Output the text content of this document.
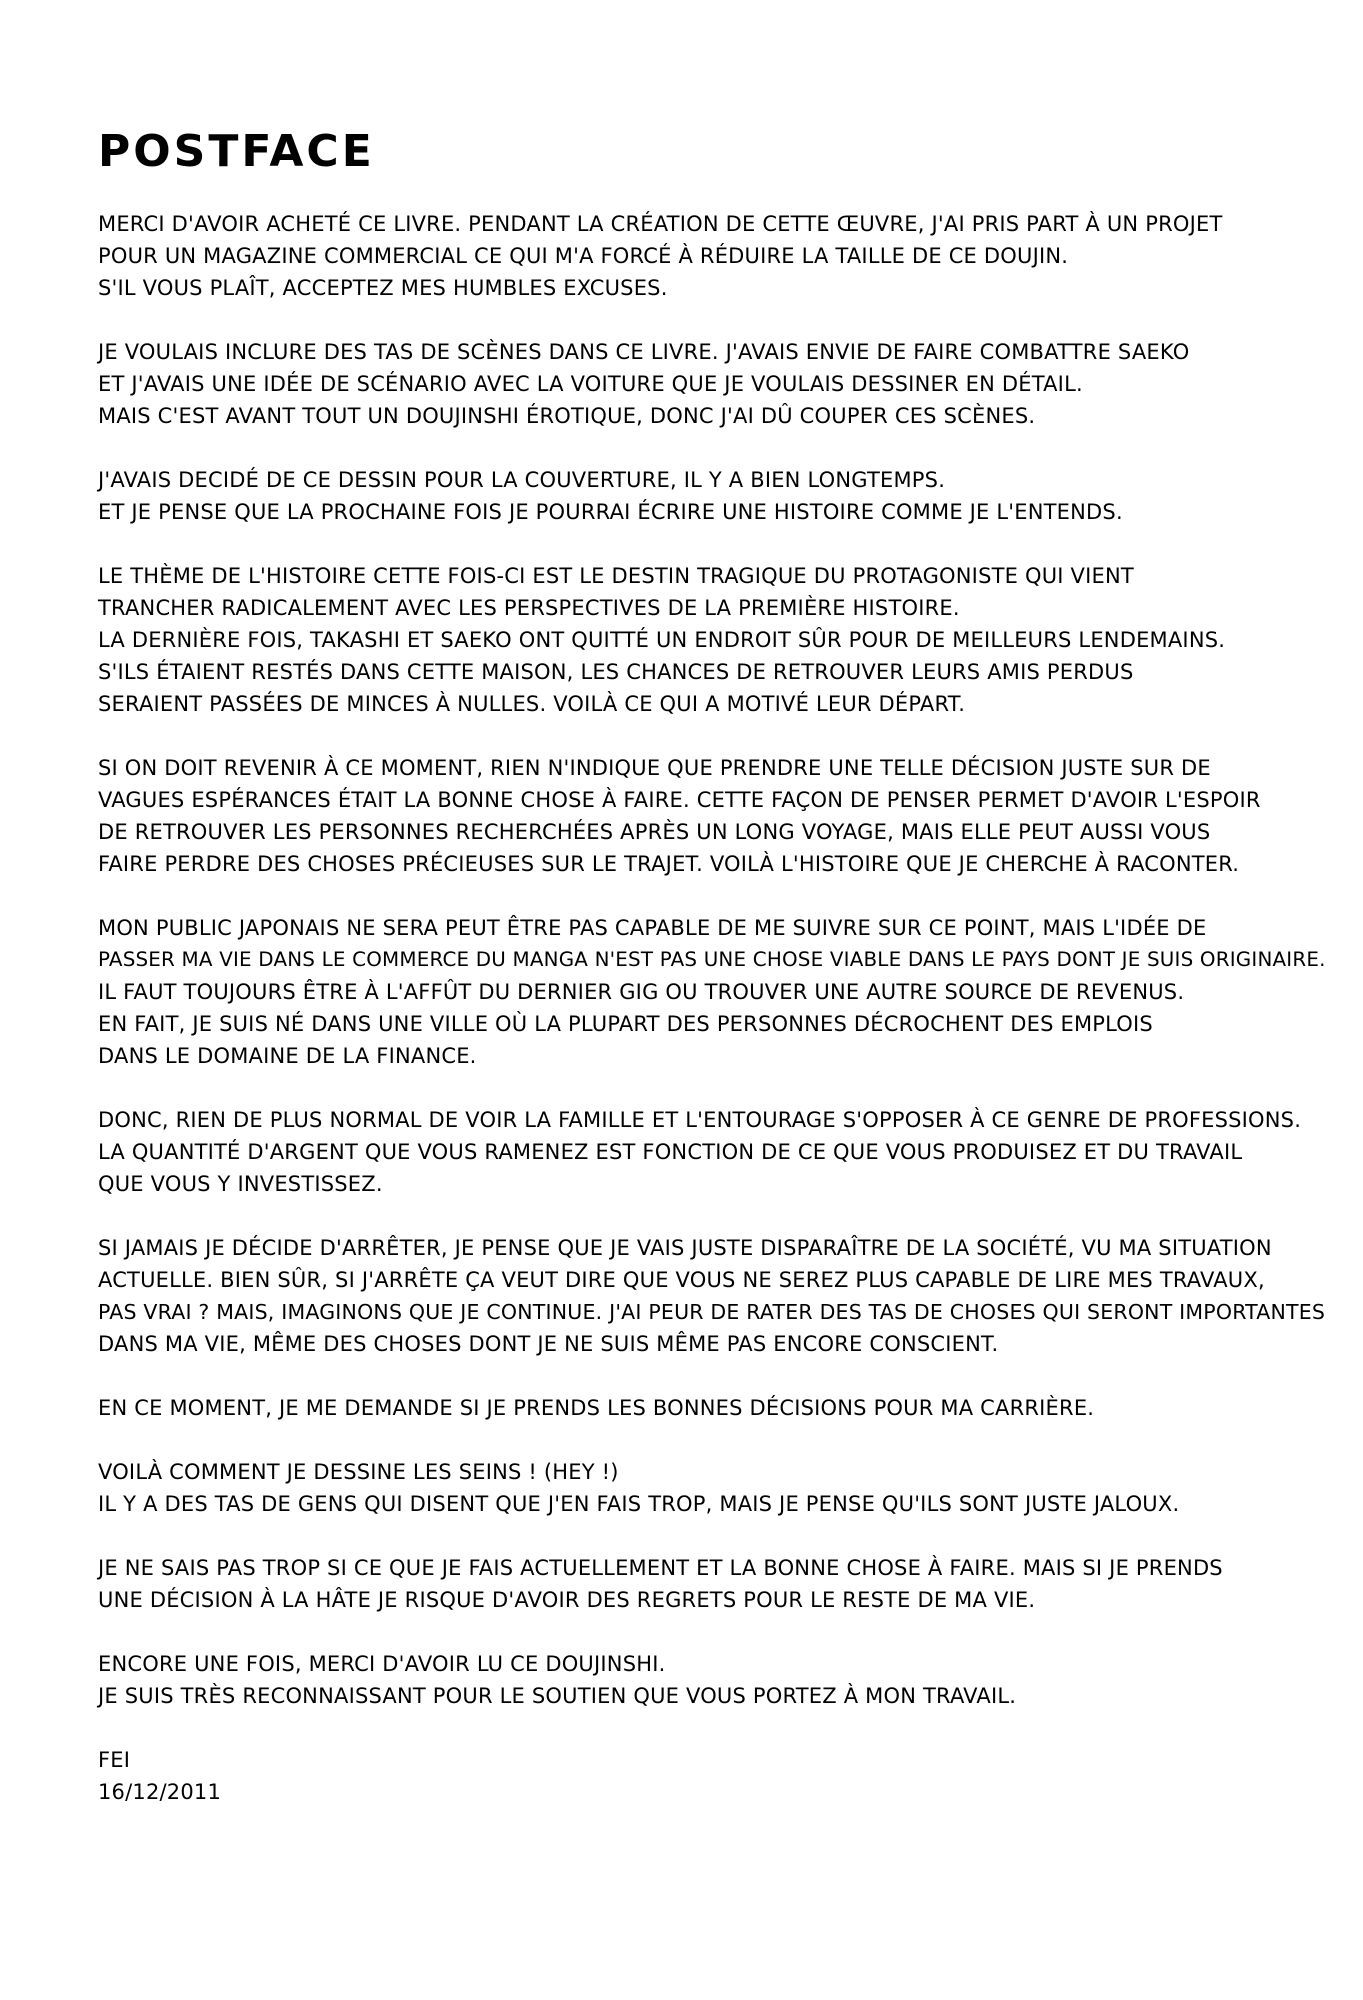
POSTFACE
MERCI D'AVOIR ACHETÉ CE LIVRE. PENDANT LA CRÉATION DE CETTE ŒUVRE, J'AI PRIS PART À UN PROJET
POUR UN MAGAZINE COMMERCIAL CE QUI M'A FORCÉ À RÉDUIRE LA TAILLE DE CE DOUJIN.
S'IL VOUS PLAÎT, ACCEPTEZ MES HUMBLES EXCUSES.
JE VOULAIS INCLURE DES TAS DE SCÈNES DANS CE LIVRE. J'AVAIS ENVIE DE FAIRE COMBATTRE SAEKO
ET J'AVAIS UNE IDÉE DE SCÉNARIO AVEC LA VOITURE QUE JE VOULAIS DESSINER EN DÉTAIL.
MAIS C'EST AVANT TOUT UN DOUJINSHI ÉROTIQUE, DONC J'AI DÛ COUPER CES SCÈNES.
J'AVAIS DECIDÉ DE CE DESSIN POUR LA COUVERTURE, IL Y A BIEN LONGTEMPS.
ET JE PENSE QUE LA PROCHAINE FOIS JE POURRAI ÉCRIRE UNE HISTOIRE COMME JE L'ENTENDS.
LE THÈME DE L'HISTOIRE CETTE FOIS-CI EST LE DESTIN TRAGIQUE DU PROTAGONISTE QUI VIENT
TRANCHER RADICALEMENT AVEC LES PERSPECTIVES DE LA PREMIÈRE HISTOIRE.
LA DERNIÈRE FOIS, TAKASHI ET SAEKO ONT QUITTÉ UN ENDROIT SÛR POUR DE MEILLEURS LENDEMAINS.
S'ILS ÉTAIENT RESTÉS DANS CETTE MAISON, LES CHANCES DE RETROUVER LEURS AMIS PERDUS
SERAIENT PASSÉES DE MINCES À NULLES. VOILÀ CE QUI A MOTIVÉ LEUR DÉPART.
SI ON DOIT REVENIR À CE MOMENT, RIEN N'INDIQUE QUE PRENDRE UNE TELLE DÉCISION JUSTE SUR DE
VAGUES ESPÉRANCES ÉTAIT LA BONNE CHOSE À FAIRE. CETTE FAÇON DE PENSER PERMET D'AVOIR L'ESPOIR
DE RETROUVER LES PERSONNES RECHERCHÉES APRÈS UN LONG VOYAGE, MAIS ELLE PEUT AUSSI VOUS
FAIRE PERDRE DES CHOSES PRÉCIEUSES SUR LE TRAJET. VOILÀ L'HISTOIRE QUE JE CHERCHE À RACONTER.
MON PUBLIC JAPONAIS NE SERA PEUT ÊTRE PAS CAPABLE DE ME SUIVRE SUR CE POINT, MAIS L'IDÉE DE
PASSER MA VIE DANS LE COMMERCE DU MANGA N'EST PAS UNE CHOSE VIABLE DANS LE PAYS DONT JE SUIS ORIGINAIRE.
IL FAUT TOUJOURS ÊTRE À L'AFFÛT DU DERNIER GIG OU TROUVER UNE AUTRE SOURCE DE REVENUS.
EN FAIT, JE SUIS NÉ DANS UNE VILLE OÙ LA PLUPART DES PERSONNES DÉCROCHENT DES EMPLOIS
DANS LE DOMAINE DE LA FINANCE.
DONC, RIEN DE PLUS NORMAL DE VOIR LA FAMILLE ET L'ENTOURAGE S'OPPOSER À CE GENRE DE PROFESSIONS.
LA QUANTITÉ D'ARGENT QUE VOUS RAMENEZ EST FONCTION DE CE QUE VOUS PRODUISEZ ET DU TRAVAIL
QUE VOUS Y INVESTISSEZ.
SI JAMAIS JE DÉCIDE D'ARRÊTER, JE PENSE QUE JE VAIS JUSTE DISPARAÎTRE DE LA SOCIÉTÉ, VU MA SITUATION
ACTUELLE. BIEN SÛR, SI J'ARRÊTE ÇA VEUT DIRE QUE VOUS NE SEREZ PLUS CAPABLE DE LIRE MES TRAVAUX,
PAS VRAI ? MAIS, IMAGINONS QUE JE CONTINUE. J'AI PEUR DE RATER DES TAS DE CHOSES QUI SERONT IMPORTANTES
DANS MA VIE, MÊME DES CHOSES DONT JE NE SUIS MÊME PAS ENCORE CONSCIENT.
EN CE MOMENT, JE ME DEMANDE SI JE PRENDS LES BONNES DÉCISIONS POUR MA CARRIÈRE.
VOILÀ COMMENT JE DESSINE LES SEINS ! (HEY !)
IL Y A DES TAS DE GENS QUI DISENT QUE J'EN FAIS TROP, MAIS JE PENSE QU'ILS SONT JUSTE JALOUX.
JE NE SAIS PAS TROP SI CE QUE JE FAIS ACTUELLEMENT ET LA BONNE CHOSE À FAIRE. MAIS SI JE PRENDS
UNE DÉCISION À LA HÂTE JE RISQUE D'AVOIR DES REGRETS POUR LE RESTE DE MA VIE.
ENCORE UNE FOIS, MERCI D'AVOIR LU CE DOUJINSHI.
JE SUIS TRÈS RECONNAISSANT POUR LE SOUTIEN QUE VOUS PORTEZ À MON TRAVAIL.
FEI
16/12/2011
